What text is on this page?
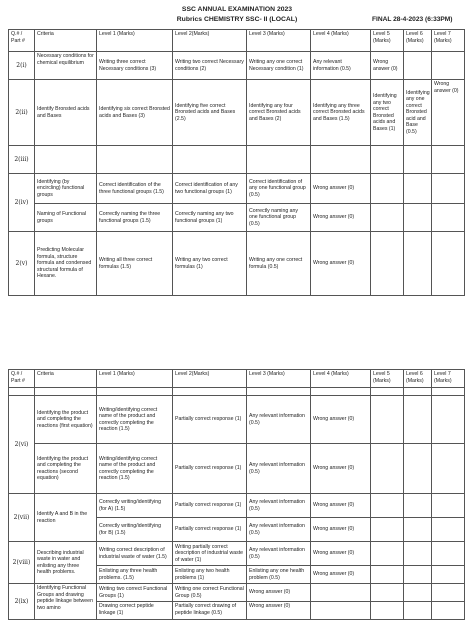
SSC ANNUAL EXAMINATION 2023
Rubrics CHEMISTRY SSC- II (LOCAL)	FINAL 28-4-2023 (6:33PM)
Q.# / Part #	Criteria	Level 1 (Marks)	Level 2(Marks)	Level 3 (Marks)	Level 4 (Marks)	Level 5 (Marks)	Level 6 (Marks)	Level 7 (Marks)
2(i)	Necessary conditions for chemical equilibrium	Writing three correct Necessary conditions (3)	Writing two correct Necessary conditions (2)	Writing any one correct Necessary condition (1)	Any relevant information (0.5)	Wrong answer (0)		
2(ii)	Identify Bronsted acids and Bases	Identifying six correct Bronsted acids and Bases (3)	Identifying five correct Bronsted acids and Bases (2.5)	Identifying any four correct Bronsted acids and Bases (2)	Identifying any three correct Bronsted acids and Bases (1.5)	Identifying any two correct Bronsted acids and Bases (1)	Identifying any one correct Bronsted acid and Base (0.5)	Wrong answer (0)
2(iii)								
2(iv)	Identifying (by encircling) functional groups	Correct identification of the three functional groups (1.5)	Correct identification of any two functional groups (1)	Correct identification of any one functional group (0.5)	Wrong answer (0)			
	Naming of Functional groups	Correctly naming the three functional groups (1.5)	Correctly naming any two functional groups (1)	Correctly naming any one functional group (0.5)	Wrong answer (0)			
2(v)	Predicting Molecular formula, structure formula and condensed structural formula of Hexane.	Writing all three correct formulas (1.5)	Writing any two correct formulas (1)	Writing any one correct formula (0.5)	Wrong answer (0)			
Q.# / Part #	Criteria	Level 1 (Marks)	Level 2(Marks)	Level 3 (Marks)	Level 4 (Marks)	Level 5 (Marks)	Level 6 (Marks)	Level 7 (Marks)

2(vi)	Identifying the product and completing the reactions (first equation)	Writing/identifying correct name of the product and correctly completing the reaction (1.5)	Partially correct response (1)	Any relevant information (0.5)	Wrong answer (0)			
	Identifying the product and completing the reactions (second equation)	Writing/identifying correct name of the product and correctly completing the reaction (1.5)	Partially correct response (1)	Any relevant information (0.5)	Wrong answer (0)			
2(vii)	Identify A and B in the reaction	Correctly writing/identifying (for A) (1.5)	Partially correct response (1)	Any relevant information (0.5)	Wrong answer (0)			
		Correctly writing/identifying (for B) (1.5)	Partially correct response (1)	Any relevant information (0.5)	Wrong answer (0)			
2(viii)	Describing industrial waste in water and enlisting any three health problems.	Writing correct description of industrial waste of water (1.5)	Writing partially correct description of industrial waste of water (1)	Any relevant information (0.5)	Wrong answer (0)			
		Enlisting any three health problems. (1.5)	Enlisting any two health problems (1)	Enlisting any one health problem (0.5)	Wrong answer (0)			
2(ix)	Identifying Functional Groups and drawing peptide linkage between two amino	Writing two correct Functional Groups (1)	Writing one correct Functional Group (0.5)	Wrong answer (0)				
		Drawing correct peptide linkage (1)	Partially correct drawing of peptide linkage (0.5)	Wrong answer (0)				
